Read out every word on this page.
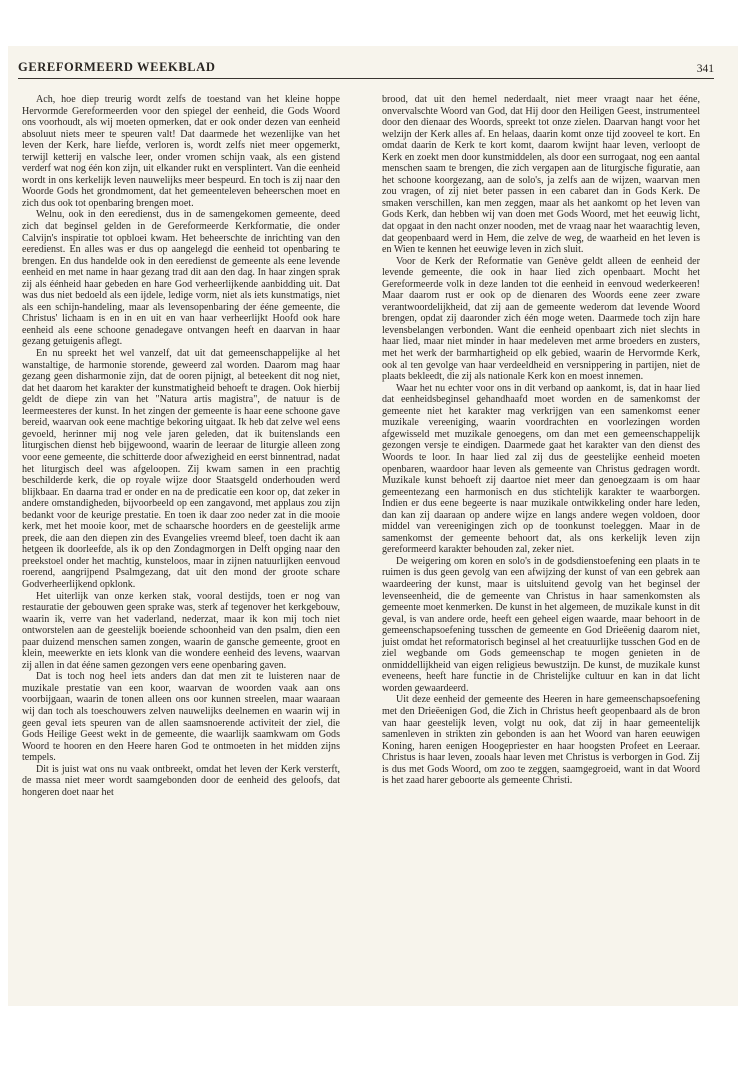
GEREFORMEERD WEEKBLAD	341

Ach, hoe diep treurig wordt zelfs de toestand van het kleine hoppe Hervormde Gereformeerden voor den spiegel der eenheid, die Gods Woord ons voorhoudt, als wij moeten opmerken, dat er ook onder dezen van eenheid absoluut niets meer te speuren valt! Dat daarmede het wezenlijke van het leven der Kerk, hare liefde, verloren is, wordt zelfs niet meer opgemerkt, terwijl ketterij en valsche leer, onder vromen schijn vaak, als een gistend verderf wat nog één kon zijn, uit elkander rukt en versplintert. Van die eenheid wordt in ons kerkelijk leven nauwelijks meer bespeurd. En toch is zij naar den Woorde Gods het grondmoment, dat het gemeenteleven beheerschen moet en zich dus ook tot openbaring brengen moet.

Welnu, ook in den eeredienst, dus in de samengekomen gemeente, deed zich dat beginsel gelden in de Gereformeerde Kerkformatie, die onder Calvijn's inspiratie tot opbloei kwam. Het beheerschte de inrichting van den eeredienst. En alles was er dus op aangelegd die eenheid tot openbaring te brengen. En dus handelde ook in den eeredienst de gemeente als eene levende eenheid en met name in haar gezang trad dit aan den dag. In haar zingen sprak zij als éénheid haar gebeden en hare God verheerlijkende aanbidding uit. Dat was dus niet bedoeld als een ijdele, ledige vorm, niet als iets kunstmatigs, niet als een schijn-handeling, maar als levensopenbaring der ééne gemeente, die Christus' lichaam is en in en uit en van haar verheerlijkt Hoofd ook hare eenheid als eene schoone genadegave ontvangen heeft en daarvan in haar gezang getuigenis aflegt.

En nu spreekt het wel vanzelf, dat uit dat gemeenschappelijke al het wanstaltige, de harmonie storende, geweerd zal worden. Daarom mag haar gezang geen disharmonie zijn, dat de ooren pijnigt, al beteekent dit nog niet, dat het daarom het karakter der kunstmatigheid behoeft te dragen. Ook hierbij geldt de diepe zin van het "Natura artis magistra", de natuur is de leermeesteres der kunst. In het zingen der gemeente is haar eene schoone gave bereid, waarvan ook eene machtige bekoring uitgaat. Ik heb dat zelve wel eens gevoeld, herinner mij nog vele jaren geleden, dat ik buitenslands een liturgischen dienst heb bijgewoond, waarin de leeraar de liturgie alleen zong voor eene gemeente, die schitterde door afwezigheid en eerst binnentrad, nadat het liturgisch deel was afgeloopen. Zij kwam samen in een prachtig beschilderde kerk, die op royale wijze door Staatsgeld onderhouden werd blijkbaar. En daarna trad er onder en na de predicatie een koor op, dat zeker in andere omstandigheden, bijvoorbeeld op een zangavond, met applaus zou zijn bedankt voor de keurige prestatie. En toen ik daar zoo neder zat in die mooie kerk, met het mooie koor, met de schaarsche hoorders en de geestelijk arme preek, die aan den diepen zin des Evangelies vreemd bleef, toen dacht ik aan hetgeen ik doorleefde, als ik op den Zondagmorgen in Delft opging naar den preekstoel onder het machtig, kunsteloos, maar in zijnen natuurlijken eenvoud roerend, aangrijpend Psalmgezang, dat uit den mond der groote schare Godverheerlijkend opklonk.

Het uiterlijk van onze kerken stak, vooral destijds, toen er nog van restauratie der gebouwen geen sprake was, sterk af tegenover het kerkgebouw, waarin ik, verre van het vaderland, nederzat, maar ik kon mij toch niet ontworstelen aan de geestelijk boeiende schoonheid van den psalm, dien een paar duizend menschen samen zongen, waarin de gansche gemeente, groot en klein, meewerkte en iets klonk van die wondere eenheid des levens, waarvan zij allen in dat ééne samen gezongen vers eene openbaring gaven.

Dat is toch nog heel iets anders dan dat men zit te luisteren naar de muzikale prestatie van een koor, waarvan de woorden vaak aan ons voorbijgaan, waarin de tonen alleen ons oor kunnen streelen, maar waaraan wij dan toch als toeschouwers zelven nauwelijks deelnemen en waarin wij in geen geval iets speuren van de allen saamsnoerende activiteit der ziel, die Gods Heilige Geest wekt in de gemeente, die waarlijk saamkwam om Gods Woord te hooren en den Heere haren God te ontmoeten in het midden zijns tempels.

Dit is juist wat ons nu vaak ontbreekt, omdat het leven der Kerk versterft, de massa niet meer wordt saamgebonden door de eenheid des geloofs, dat hongeren doet naar het

brood, dat uit den hemel nederdaalt, niet meer vraagt naar het ééne, onvervalschte Woord van God, dat Hij door den Heiligen Geest, instrumenteel door den dienaar des Woords, spreekt tot onze zielen. Daarvan hangt voor het welzijn der Kerk alles af. En helaas, daarin komt onze tijd zooveel te kort. En omdat daarin de Kerk te kort komt, daarom kwijnt haar leven, verloopt de Kerk en zoekt men door kunstmiddelen, als door een surrogaat, nog een aantal menschen saam te brengen, die zich vergapen aan de liturgische figuratie, aan het schoone koorgezang, aan de solo's, ja zelfs aan de wijzen, waarvan men zou vragen, of zij niet beter passen in een cabaret dan in Gods Kerk. De smaken verschillen, kan men zeggen, maar als het aankomt op het leven van Gods Kerk, dan hebben wij van doen met Gods Woord, met het eeuwig licht, dat opgaat in den nacht onzer nooden, met de vraag naar het waarachtig leven, dat geopenbaard werd in Hem, die zelve de weg, de waarheid en het leven is en Wien te kennen het eeuwige leven in zich sluit.

Voor de Kerk der Reformatie van Genève geldt alleen de eenheid der levende gemeente, die ook in haar lied zich openbaart. Mocht het Gereformeerde volk in deze landen tot die eenheid in eenvoud wederkeeren! Maar daarom rust er ook op de dienaren des Woords eene zeer zware verantwoordelijkheid, dat zij aan de gemeente wederom dat levende Woord brengen, opdat zij daaronder zich één moge weten. Daarmede toch zijn hare levensbelangen verbonden. Want die eenheid openbaart zich niet slechts in haar lied, maar niet minder in haar medeleven met arme broeders en zusters, met het werk der barmhartigheid op elk gebied, waarin de Hervormde Kerk, ook al ten gevolge van haar verdeeldheid en versnippering in partijen, niet de plaats bekleedt, die zij als nationale Kerk kon en moest innemen.

Waar het nu echter voor ons in dit verband op aankomt, is, dat in haar lied dat eenheidsbeginsel gehandhaafd moet worden en de samenkomst der gemeente niet het karakter mag verkrijgen van een samenkomst eener muzikale vereeniging, waarin voordrachten en voorlezingen worden afgewisseld met muzikale genoegens, om dan met een gemeenschappelijk gezongen versje te eindigen. Daarmede gaat het karakter van den dienst des Woords te loor. In haar lied zal zij dus de geestelijke eenheid moeten openbaren, waardoor haar leven als gemeente van Christus gedragen wordt. Muzikale kunst behoeft zij daartoe niet meer dan genoegzaam is om haar gemeentezang een harmonisch en dus stichtelijk karakter te waarborgen. Indien er dus eene begeerte is naar muzikale ontwikkeling onder hare leden, dan kan zij daaraan op andere wijze en langs andere wegen voldoen, door middel van vereenigingen zich op de toonkunst toeleggen. Maar in de samenkomst der gemeente behoort dat, als ons kerkelijk leven zijn gereformeerd karakter behouden zal, zeker niet.

De weigering om koren en solo's in de godsdienstoefening een plaats in te ruimen is dus geen gevolg van een afwijzing der kunst of van een gebrek aan waardeering der kunst, maar is uitsluitend gevolg van het beginsel der levenseenheid, die de gemeente van Christus in haar samenkomsten als gemeente moet kenmerken. De kunst in het algemeen, de muzikale kunst in dit geval, is van andere orde, heeft een geheel eigen waarde, maar behoort in de gemeenschapsoefening tusschen de gemeente en God Drieëenig daarom niet, juist omdat het reformatorisch beginsel al het creatuurlijke tusschen God en de ziel wegbande om Gods gemeenschap te mogen genieten in de onmiddellijkheid van eigen religieus bewustzijn. De kunst, de muzikale kunst eveneens, heeft hare functie in de Christelijke cultuur en kan in dat licht worden gewaardeerd.

Uit deze eenheid der gemeente des Heeren in hare gemeenschapsoefening met den Drieëenigen God, die Zich in Christus heeft geopenbaard als de bron van haar geestelijk leven, volgt nu ook, dat zij in haar gemeentelijk samenleven in strikten zin gebonden is aan het Woord van haren eeuwigen Koning, haren eenigen Hoogepriester en haar hoogsten Profeet en Leeraar. Christus is haar leven, zooals haar leven met Christus is verborgen in God. Zij is dus met Gods Woord, om zoo te zeggen, saamgegroeid, want in dat Woord is het zaad harer geboorte als gemeente Christi.
